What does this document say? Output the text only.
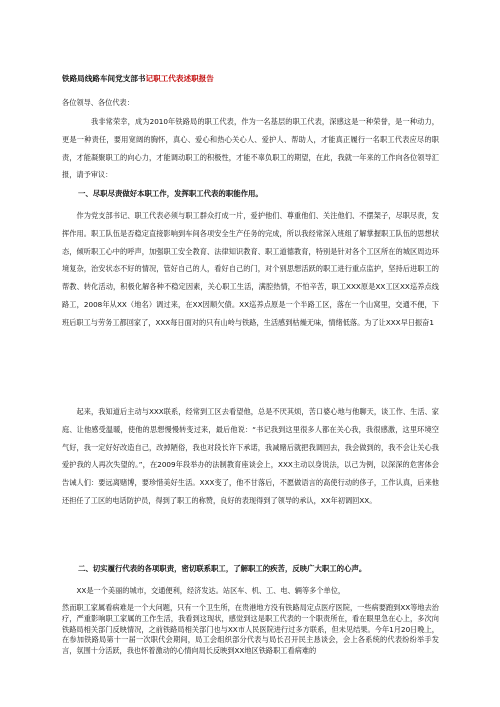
铁路局线路车间党支部书记职工代表述职报告
各位领导、各位代表：
我非常荣幸，成为2010年铁路局的职工代表，作为一名基层的职工代表，深感这是一种荣誉，是一种动力，更是一种责任，要用宽阔的胸怀，真心、爱心和热心关心人、爱护人、帮助人，才能真正履行一名职工代表应尽的职责，才能凝聚职工的向心力，才能调动职工的积极性，才能不辜负职工的期望，在此，我就一年来的工作向各位领导汇报，请予审议：
一、尽职尽责做好本职工作，发挥职工代表的职能作用。
作为党支部书记、职工代表必须与职工群众打成一片，爱护他们、尊重他们、关注他们、不摆架子，尽职尽责，发挥作用。职工队伍是否稳定直接影响到车间各项安全生产任务的完成，所以我经常深入班组了解掌握职工队伍的思想状态，倾听职工心中的呼声，加强职工安全教育、法律知识教育、职工道德教育，特别是针对各个工区所在的城区周边环境复杂，治安状态不好的情况，管好自己的人，看好自己的门，对个别思想活跃的职工进行重点监护，坚持后进职工的帮教、转化活动，积极化解各种不稳定因素，关心职工生活，满腔热情，不怕辛苦，职工XXX原是XX工区XX巡养点线路工，2008年从XX（地名）调过来，在XX因顺欠债。XX巡养点原是一个半路工区，落在一个山窝里，交通不便，下班后职工与劳务工都回家了，XXX每日面对的只有山岭与铁路，生活感到枯燥无味，情绪低落。为了让XXX早日振奋1
起来，我知道后主动与XXX联系，经常到工区去看望他，总是不厌其烦，苦口婆心地与他聊天，谈工作、生活、家庭、让他感受温暖，使他的思想慢慢转变过来，最后他说：“书记我到这里很多人都在关心我，我很感激，这里环境空气好，我一定好好改造自己，改掉陋俗，我也对段长许下承诺，我减赌后就把我调回去，我会做到的，我不会让关心我爱护我的人再次失望的。”，在2009年段举办的法制教育座谈会上，XXX主动以身说法，以己为例，以深深的危害体会告诫人们：要远离赌博，要珍惜美好生活。XXX变了，他不甘落后，不愿做语言的高使行动的侈子，工作认真，后来他还担任了工区的电话防护员，得到了职工的称赞，良好的表现得到了领导的承认，XX年初调回XX。
二、切实履行代表的各项职责，密切联系职工，了解职工的疾苦，反映广大职工的心声。
XX是一个美丽的城市，交通便利，经济发达。站区车、机、工、电、辆等多个单位，
然而职工家属看病难是一个大问题，只有一个卫生所，在贵港地方没有铁路局定点医疗医院，一些病要跑到XX等地去治疗，严重影响职工家属的工作生活，我看到这现状，感觉到这是职工代表的一个职责所在，看在眼里急在心上，多次向铁路局相关部门反映情况，之前铁路局相关部门也与XX市人民医院进行过多方联系，但未见结果。今年1月20日晚上，在参加铁路局第十一届一次职代会期间，局工会组织部分代表与局长召开民主恳谈会，会上各系统的代表纷纷举手发言，氛围十分活跃，我也怀着激动的心情向局长反映到XX地区铁路职工看病难的
